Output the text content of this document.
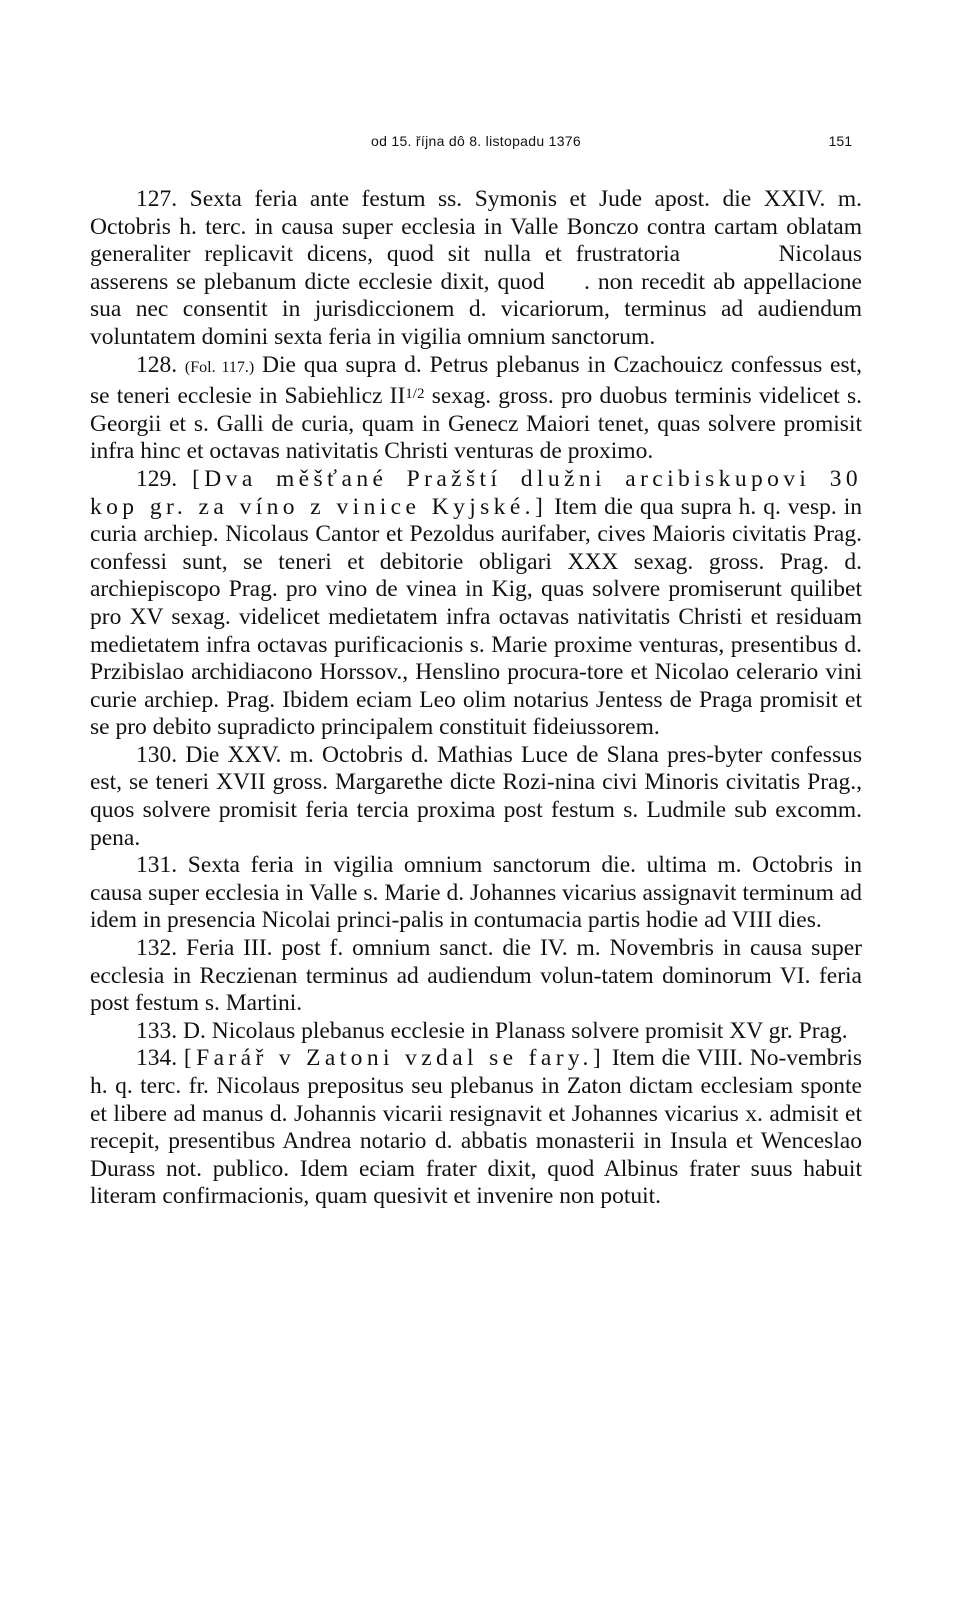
od 15. října dô 8. listopadu 1376	151

127. Sexta feria ante festum ss. Symonis et Jude apost. die XXIV. m. Octobris h. terc. in causa super ecclesia in Valle Bonczo contra cartam oblatam generaliter replicavit dicens, quod sit nulla et frustratoria    	Nicolaus asserens se plebanum dicte ecclesie dixit, quod   . non recedit ab appellacione sua nec consentit in jurisdiccionem d. vicariorum, terminus ad audiendum voluntatem domini sexta feria in vigilia omnium sanctorum.

128. (Fol. 117.) Die qua supra d. Petrus plebanus in Czachouicz confessus est, se teneri ecclesie in Sabiehlicz $II^{1/2}$ sexag. gross. pro duobus terminis videlicet s. Georgii et s. Galli de curia, quam in Genecz Maiori tenet, quas solvere promisit infra hinc et octavas nativitatis Christi venturas de proximo.

129. [Dva měšťané Pražští dlužni arcibiskupovi 30 kop gr. za víno z vinice Kyjské.] Item die qua supra h. q. vesp. in curia archiep. Nicolaus Cantor et Pezoldus aurifaber, cives Maioris civitatis Prag. confessi sunt, se teneri et debitorie obligari XXX sexag. gross. Prag. d. archiepiscopo Prag. pro vino de vinea in Kig, quas solvere promiserunt quilibet pro XV sexag. videlicet medietatem infra octavas nativitatis Christi et residuam medietatem infra octavas purificacionis s. Marie proxime venturas, presentibus d. Przibislao archidiacono Horssov., Henslino procura-tore et Nicolao celerario vini curie archiep. Prag. Ibidem eciam Leo olim notarius Jentess de Praga promisit et se pro debito supradicto principalem constituit fideiussorem.

130. Die XXV. m. Octobris d. Mathias Luce de Slana pres-byter confessus est, se teneri XVII gross. Margarethe dicte Rozi-nina civi Minoris civitatis Prag., quos solvere promisit feria tercia proxima post festum s. Ludmile sub excomm. pena.

131. Sexta feria in vigilia omnium sanctorum die. ultima m. Octobris in causa super ecclesia in Valle s. Marie d. Johannes vicarius assignavit terminum ad idem in presencia Nicolai princi-palis in contumacia partis hodie ad VIII dies.

132. Feria III. post f. omnium sanct. die IV. m. Novembris in causa super ecclesia in Reczienan terminus ad audiendum volun-tatem dominorum VI. feria post festum s. Martini.

133. D. Nicolaus plebanus ecclesie in Planass solvere promisit XV gr. Prag.

134. [Farář v Zatoni vzdal se fary.] Item die VIII. No-vembris h. q. terc. fr. Nicolaus prepositus seu plebanus in Zaton dictam ecclesiam sponte et libere ad manus d. Johannis vicarii resignavit et Johannes vicarius x. admisit et recepit, presentibus Andrea notario d. abbatis monasterii in Insula et Wenceslao Durass not. publico. Idem eciam frater dixit, quod Albinus frater suus habuit literam confirmacionis, quam quesivit et invenire non potuit.
